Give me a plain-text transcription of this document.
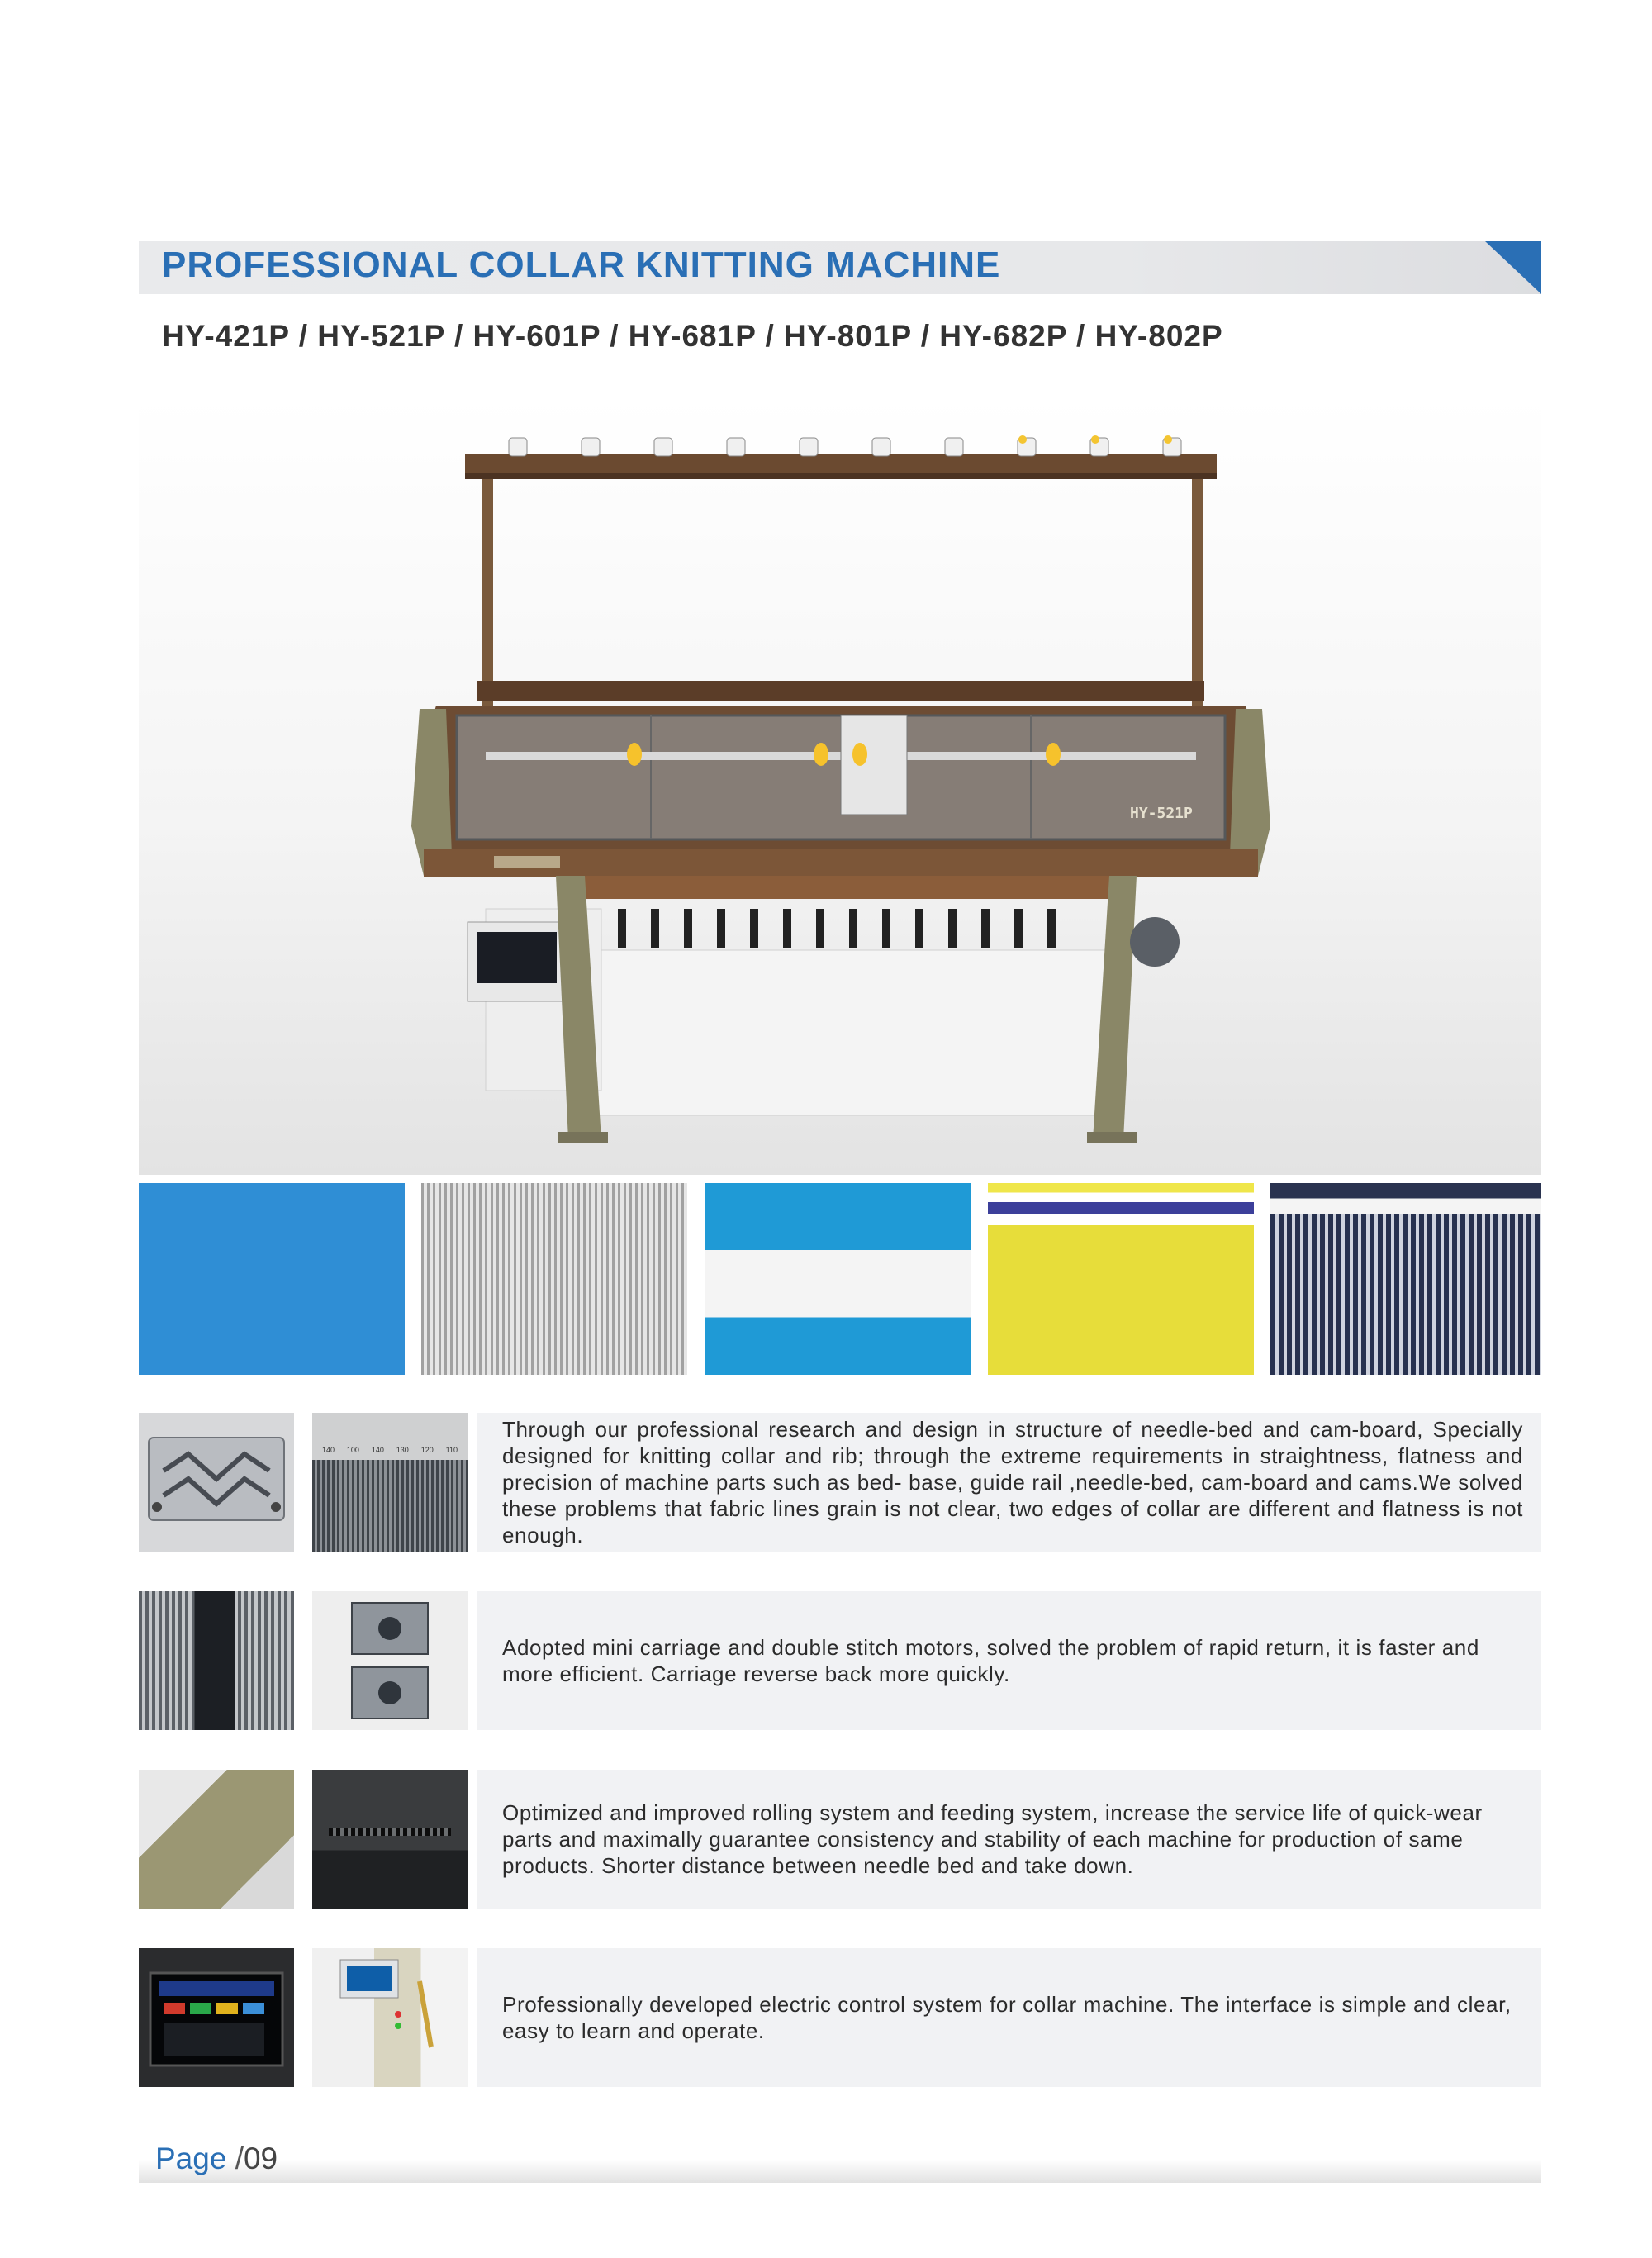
PROFESSIONAL COLLAR KNITTING MACHINE
HY-421P / HY-521P / HY-601P / HY-681P / HY-801P / HY-682P / HY-802P
HY-521P
140 100 140 130 120 110
Through our professional research and design in structure of needle-bed and cam-board, Specially designed for knitting collar and rib; through the extreme requirements in straightness, flatness and precision of machine parts such as bed- base, guide rail ,needle-bed, cam-board and cams.We solved these problems that fabric lines grain is not clear, two edges of collar are different and flatness is not enough.
Adopted mini carriage and double stitch motors, solved the problem of rapid return, it is faster and more efficient. Carriage reverse back more quickly.
Optimized and improved rolling system and feeding system, increase the service life of quick-wear parts and maximally guarantee consistency and stability of each machine for production of same products. Shorter distance between needle bed and take down.
Professionally developed electric control system for collar machine. The interface is simple and clear, easy to learn and operate.
Page /09
